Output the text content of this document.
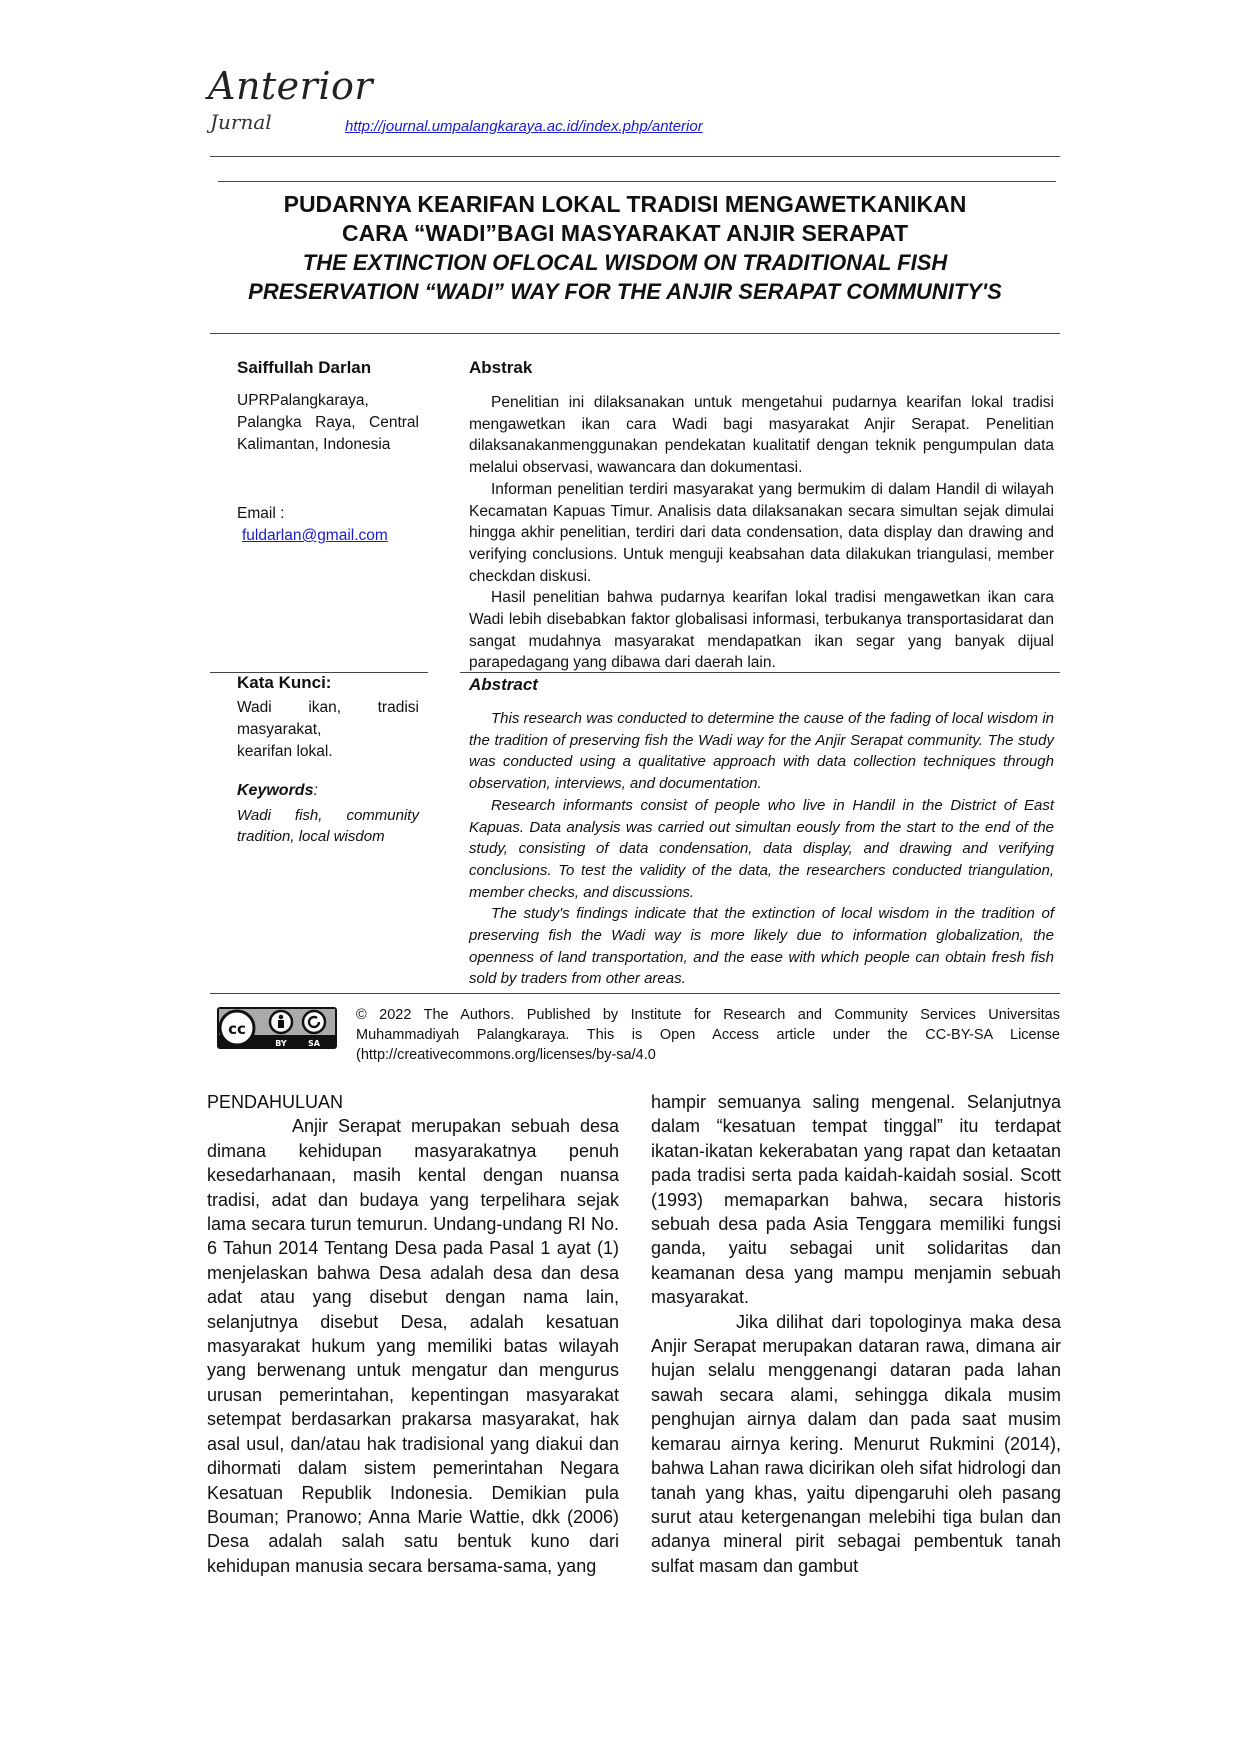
Anterior
Jurnal	http://journal.umpalangkaraya.ac.id/index.php/anterior
PUDARNYA KEARIFAN LOKAL TRADISI MENGAWETKANIKAN
CARA “WADI”BAGI MASYARAKAT ANJIR SERAPAT
THE EXTINCTION OFLOCAL WISDOM ON TRADITIONAL FISH
PRESERVATION “WADI” WAY FOR THE ANJIR SERAPAT COMMUNITY'S
Saiffullah Darlan
UPRPalangkaraya, Palangka Raya, Central Kalimantan, Indonesia
Email :
fuldarlan@gmail.com
Abstrak

Penelitian ini dilaksanakan untuk mengetahui pudarnya kearifan lokal tradisi mengawetkan ikan cara Wadi bagi masyarakat Anjir Serapat. Penelitian dilaksanakanmenggunakan pendekatan kualitatif dengan teknik pengumpulan data melalui observasi, wawancara dan dokumentasi.

Informan penelitian terdiri masyarakat yang bermukim di dalam Handil di wilayah Kecamatan Kapuas Timur. Analisis data dilaksanakan secara simultan sejak dimulai hingga akhir penelitian, terdiri dari data condensation, data display dan drawing and verifying conclusions. Untuk menguji keabsahan data dilakukan triangulasi, member checkdan diskusi.

Hasil penelitian bahwa pudarnya kearifan lokal tradisi mengawetkan ikan cara Wadi lebih disebabkan faktor globalisasi informasi, terbukanya transportasidarat dan sangat mudahnya masyarakat mendapatkan ikan segar yang banyak dijual parapedagang yang dibawa dari daerah lain.

Kata Kunci:
Wadi ikan, tradisi
masyarakat,
kearifan lokal.
Keywords:
Wadi fish, community
tradition, local wisdom
Abstract

This research was conducted to determine the cause of the fading of local wisdom in the tradition of preserving fish the Wadi way for the Anjir Serapat community. The study was conducted using a qualitative approach with data collection techniques through observation, interviews, and documentation.

Research informants consist of people who live in Handil in the District of East Kapuas. Data analysis was carried out simultan eously from the start to the end of the study, consisting of data condensation, data display, and drawing and verifying conclusions. To test the validity of the data, the researchers conducted triangulation, member checks, and discussions.

The study's findings indicate that the extinction of local wisdom in the tradition of preserving fish the Wadi way is more likely due to information globalization, the openness of land transportation, and the ease with which people can obtain fresh fish sold by traders from other areas.

cc
BY	SA
© 2022 The Authors. Published by Institute for Research and Community Services Universitas Muhammadiyah Palangkaraya. This is Open Access article under the CC-BY-SA License (http://creativecommons.org/licenses/by-sa/4.0
PENDAHULUAN

Anjir Serapat merupakan sebuah desa dimana kehidupan masyarakatnya penuh kesedarhanaan, masih kental dengan nuansa tradisi, adat dan budaya yang terpelihara sejak lama secara turun temurun. Undang-undang RI No. 6 Tahun 2014 Tentang Desa pada Pasal 1 ayat (1) menjelaskan bahwa Desa adalah desa dan desa adat atau yang disebut dengan nama lain, selanjutnya disebut Desa, adalah kesatuan masyarakat hukum yang memiliki batas wilayah yang berwenang untuk mengatur dan mengurus urusan pemerintahan, kepentingan masyarakat setempat berdasarkan prakarsa masyarakat, hak asal usul, dan/atau hak tradisional yang diakui dan dihormati dalam sistem pemerintahan Negara Kesatuan Republik Indonesia. Demikian pula Bouman; Pranowo; Anna Marie Wattie, dkk (2006) Desa adalah salah satu bentuk kuno dari kehidupan manusia secara bersama-sama, yang

hampir semuanya saling mengenal. Selanjutnya dalam “kesatuan tempat tinggal” itu terdapat ikatan-ikatan kekerabatan yang rapat dan ketaatan pada tradisi serta pada kaidah-kaidah sosial. Scott (1993) memaparkan bahwa, secara historis sebuah desa pada Asia Tenggara memiliki fungsi ganda, yaitu sebagai unit solidaritas dan keamanan desa yang mampu menjamin sebuah masyarakat.

Jika dilihat dari topologinya maka desa Anjir Serapat merupakan dataran rawa, dimana air hujan selalu menggenangi dataran pada lahan sawah secara alami, sehingga dikala musim penghujan airnya dalam dan pada saat musim kemarau airnya kering. Menurut Rukmini (2014), bahwa Lahan rawa dicirikan oleh sifat hidrologi dan tanah yang khas, yaitu dipengaruhi oleh pasang surut atau ketergenangan melebihi tiga bulan dan adanya mineral pirit sebagai pembentuk tanah sulfat masam dan gambut
